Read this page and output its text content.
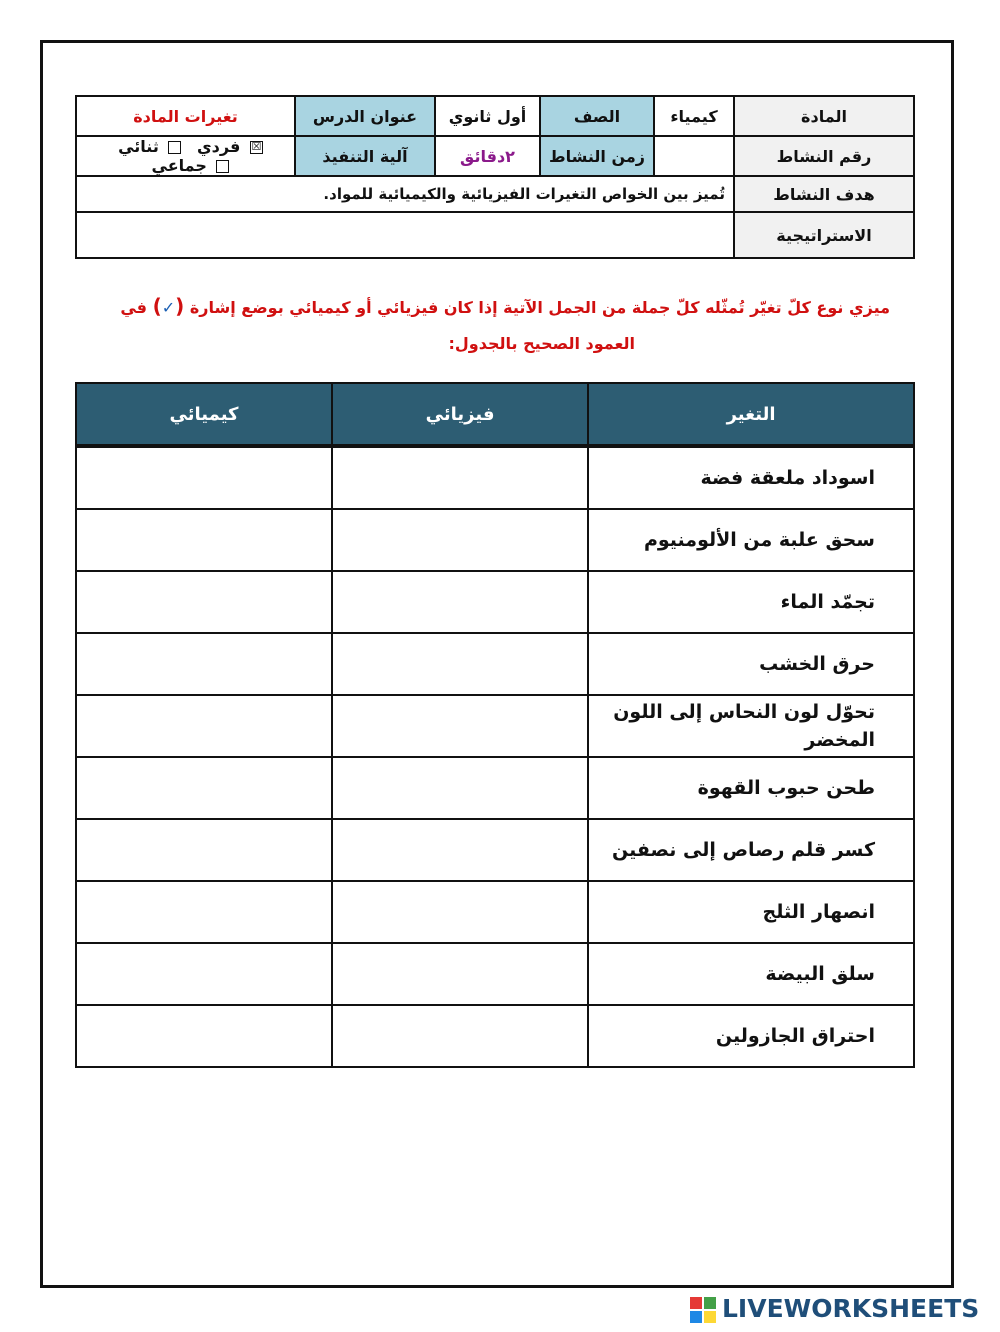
المادة	كيمياء	الصف	أول ثانوي	عنوان الدرس	تغيرات المادة
رقم النشاط		زمن النشاط	٢دقائق	آلية التنفيذ	☒ فردي  ثنائي  جماعي
هدف النشاط	تُميز بين الخواص التغيرات الفيزيائية والكيميائية للمواد.				
الاستراتيجية					
ميزي نوع كلّ تغيّر تُمثّله كلّ جملة من الجمل الآتية إذا كان فيزيائي أو كيميائي بوضع إشارة (✓) في
العمود الصحيح بالجدول:
التغير	فيزيائي	كيميائي
اسوداد ملعقة فضة		
سحق علبة من الألومنيوم		
تجمّد الماء		
حرق الخشب		
تحوّل لون النحاس إلى اللون المخضر		
طحن حبوب القهوة		
كسر قلم رصاص إلى نصفين		
انصهار الثلج		
سلق البيضة		
احتراق الجازولين		
LIVEWORKSHEETS
